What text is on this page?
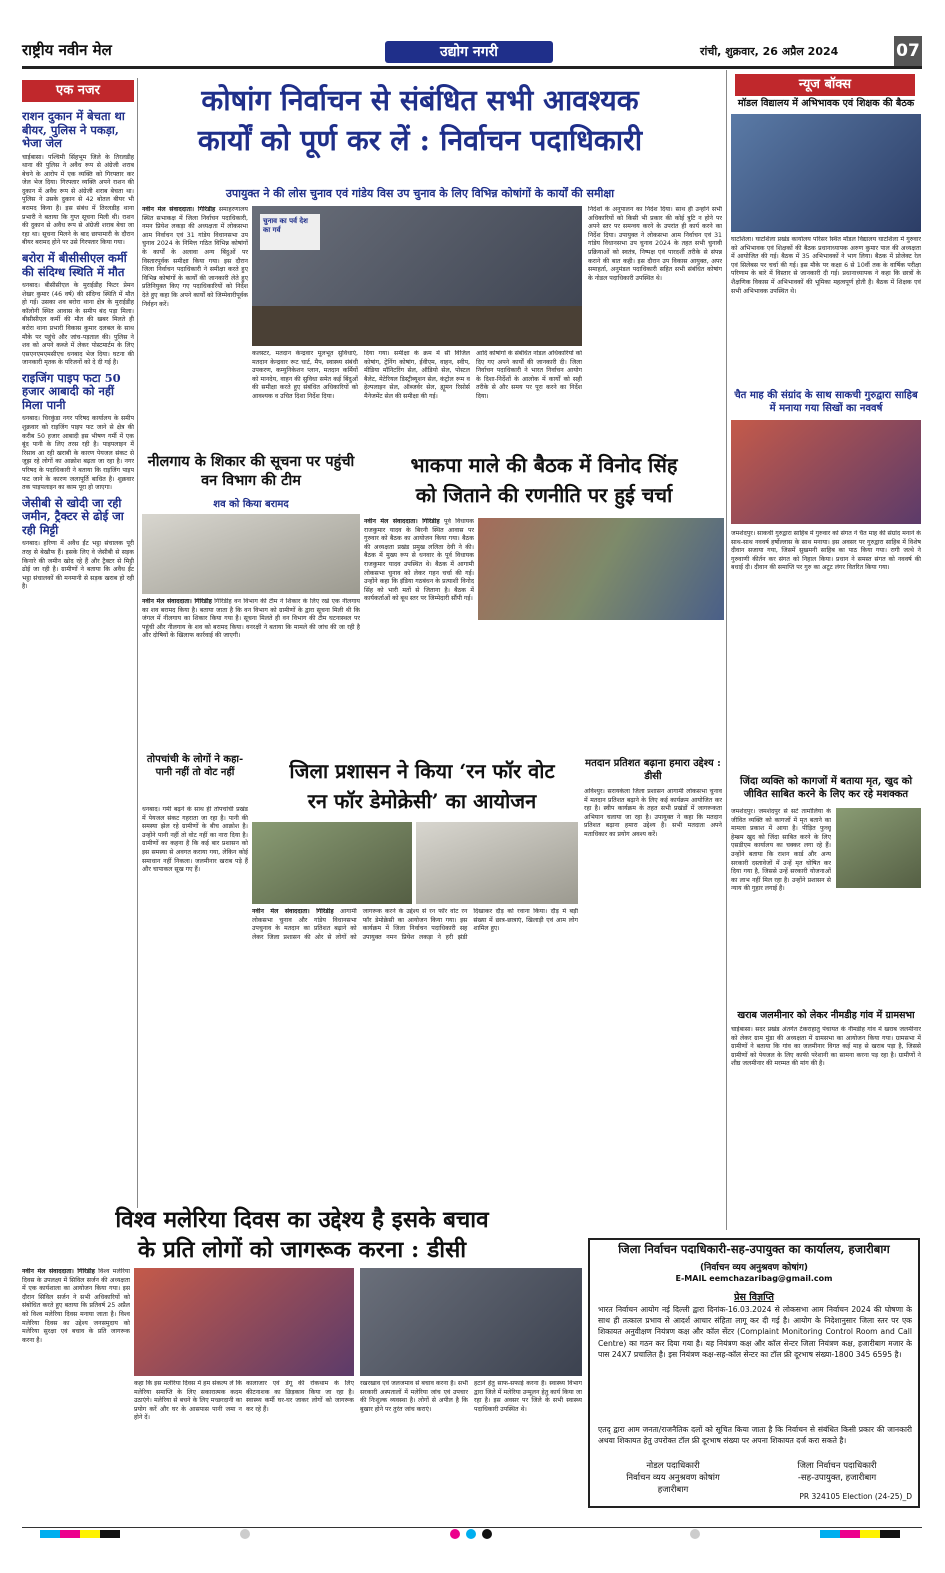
राष्ट्रीय नवीन मेल	उद्योग नगरी	रांची, शुक्रवार, 26 अप्रैल 2024	07
एक नजर
राशन दुकान में बेचता था बीयर, पुलिस ने पकड़ा, भेजा जेल

चाईबासा। पश्चिमी सिंहभूम जिले के तिरलडीह थाना की पुलिस ने अवैध रूप से अंग्रेजी शराब बेचने के आरोप में एक व्यक्ति को गिरफ्तार कर जेल भेज दिया। गिरफ्तार व्यक्ति अपने राशन की दुकान में अवैध रूप से अंग्रेजी शराब बेचता था। पुलिस ने उसके दुकान से 42 बोतल बीयर भी बरामद किया है। इस संबंध में तिरलडीह थाना प्रभारी ने बताया कि गुप्त सूचना मिली थी। राशन की दुकान से अवैध रूप से अंग्रेजी शराब बेचा जा रहा था। सूचना मिलने के बाद छापामारी के दौरान बीयर बरामद होने पर उसे गिरफ्तार किया गया।

बरोरा में बीसीसीएल कर्मी की संदिग्ध स्थिति में मौत

धनबाद। बीसीसीएल के मुराईडीह फिटर प्रेमन शेखर कुमार (46 वर्ष) की संदिग्ध स्थिति में मौत हो गई। उसका शव बरोरा थाना क्षेत्र के मुराईडीह कॉलोनी स्थित आवास के समीप बंद पड़ा मिला। बीसीसीएल कर्मी की मौत की खबर मिलते ही बरोरा थाना प्रभारी विकास कुमार दलबल के साथ मौके पर पहुंचे और जांच-पड़ताल की। पुलिस ने शव को अपने कब्जे में लेकर पोस्टमार्टम के लिए एसएनएमएमसीएच धनबाद भेज दिया। घटना की जानकारी मृतक के परिजनों को दे दी गई है।

राइजिंग पाइप फटा 50 हजार आबादी को नहीं मिला पानी

धनबाद। चिरकुंडा नगर परिषद कार्यालय के समीप शुक्रवार को राइजिंग पाइप फट जाने से क्षेत्र की करीब 50 हजार आबादी इस भीषण गर्मी में एक बूंद पानी के लिए तरस रही है। पाइपलाइन में रिसाव आ रही खराबी के कारण पेयजल संकट से जूझ रहे लोगों का आक्रोश बढ़ता जा रहा है। नगर परिषद के पदाधिकारी ने बताया कि राइजिंग पाइप फट जाने के कारण जलापूर्ति बाधित है। शुक्रवार तक पाइपलाइन का काम पूरा हो जाएगा।

जेसीबी से खोदी जा रही जमीन, ट्रैक्टर से ढोई जा रही मिट्टी

धनबाद। हरिणा में अवैध ईंट भट्ठा संचालक पूरी तरह से बेखौफ हैं। इसके लिए वे जेसीबी से सड़क किनारे की जमीन खोद रहे हैं और ट्रैक्टर से मिट्टी ढोई जा रही है। ग्रामीणों ने बताया कि अवैध ईंट भट्ठा संचालकों की मनमानी से सड़क खराब हो रही है।

कोषांग निर्वाचन से संबंधित सभी आवश्यक
कार्यों को पूर्ण कर लें : निर्वाचन पदाधिकारी
उपायुक्त ने की लोस चुनाव एवं गांडेय विस उप चुनाव के लिए विभिन्न कोषांगों के कार्यों की समीक्षा
नवीन मेल संवाददाता। गिरिडीह समाहरणालय स्थित सभाकक्ष में जिला निर्वाचन पदाधिकारी, नमन प्रियेश लकड़ा की अध्यक्षता में लोकसभा आम निर्वाचन एवं 31 गांडेय विधानसभा उप चुनाव 2024 के निमित्त गठित विभिन्न कोषांगों के कार्यों के अलावा अन्य बिंदुओं पर विस्तारपूर्वक समीक्षा किया गया। इस दौरान जिला निर्वाचन पदाधिकारी ने समीक्षा करते हुए विभिन्न कोषांगों के कार्यों की जानकारी लेते हुए प्रतिनियुक्त किए गए पदाधिकारियों को निर्देश देते हुए कहा कि अपने कार्यों को जिम्मेवारीपूर्वक निर्वहन करें।
चुनाव का पर्व देश का गर्व
कलस्टर, मतदान केन्द्रवार मूलभूत सुविधाएं, मतदान केन्द्रवार रूट चार्ट, मैप, स्वास्थ्य संबंधी उपकरण, कम्युनिकेशन प्लान, मतदान कर्मियों को मानदेय, वाहन की सुविधा समेत कई बिंदुओं की समीक्षा करते हुए संबंधित अधिकारियों को आवश्यक व उचित दिशा निर्देश दिया।
दिया गया। समीक्षा के क्रम में सी विजिल कोषांग, ट्रेनिंग कोषांग, ईवीएम, वाहन, स्वीप, मीडिया मॉनिटरिंग सेल, ऑडियो सेल, पोस्टल बैलेट, मेटेरियल डिस्ट्रीब्यूशन सेल, कंट्रोल रूम व हेल्पलाइन सेल, ऑब्जर्वर सेल, ह्यूमन रिसोर्स मैनेजमेंट सेल की समीक्षा की गई।
आदि कोषांगों के संबंधित नोडल अधिकारियों को दिए गए अपने कार्यों की जानकारी दी। जिला निर्वाचन पदाधिकारी ने भारत निर्वाचन आयोग के दिशा-निर्देशों के आलोक में कार्यों को सही तरीके से और समय पर पूरा करने का निर्देश दिया।
निर्देशों के अनुपालन का निर्देश दिया। साथ ही उन्होंने सभी अधिकारियों को किसी भी प्रकार की कोई त्रुटि न होने पर अपने स्तर पर समन्वय करने के उपरांत ही कार्य करने का निर्देश दिया। उपायुक्त ने लोकसभा आम निर्वाचन एवं 31 गांडेय विधानसभा उप चुनाव 2024 के तहत सभी चुनावी प्रक्रियाओं को स्वतंत्र, निष्पक्ष एवं पारदर्शी तरीके से संपन्न कराने की बात कही। इस दौरान उप विकास आयुक्त, अपर समाहर्ता, अनुमंडल पदाधिकारी सहित सभी संबंधित कोषांग के नोडल पदाधिकारी उपस्थित थे।
न्यूज बॉक्स
मॉडल विद्यालय में अभिभावक एवं शिक्षक की बैठक
घाटशिला। घाटशिला प्रखंड कार्यालय परिसर स्थित मॉडल विद्यालय घाटशिला में गुरुवार को अभिभावक एवं शिक्षकों की बैठक प्रधानाध्यापक अरुण कुमार पाल की अध्यक्षता में आयोजित की गई। बैठक में 35 अभिभावकों ने भाग लिया। बैठक में प्रोजेक्ट रेल एवं सिलेबस पर चर्चा की गई। इस मौके पर कक्षा 6 से 10वीं तक के वार्षिक परीक्षा परिणाम के बारे में विस्तार से जानकारी दी गई। प्रधानाध्यापक ने कहा कि छात्रों के शैक्षणिक विकास में अभिभावकों की भूमिका महत्वपूर्ण होती है। बैठक में शिक्षक एवं सभी अभिभावक उपस्थित थे।
चैत माह की संग्रांद के साथ साकची गुरुद्वारा साहिब में मनाया गया सिखों का नववर्ष
जमशेदपुर। साकची गुरुद्वारा साहिब में गुरुवार को संगत ने चैत माह की संग्रांद मनाने के साथ-साथ नववर्ष हर्षोल्लास के साथ मनाया। इस अवसर पर गुरुद्वारा साहिब में विशेष दीवान सजाया गया, जिसमें सुखमनी साहिब का पाठ किया गया। रागी जत्थे ने गुरुवाणी कीर्तन कर संगत को निहाल किया। प्रधान ने समस्त संगत को नववर्ष की बधाई दी। दीवान की समाप्ति पर गुरु का अटूट लंगर वितरित किया गया।
जिंदा व्यक्ति को कागजों में बताया मृत, खुद को जीवित साबित करने के लिए कर रहे मशक्कत
जमशेदपुर। जमशेदपुर से सटे तामोलिया के जीवित व्यक्ति को कागजों में मृत बताने का मामला प्रकाश में आया है। पीड़ित फुच्चू हेम्ब्रम खुद को जिंदा साबित करने के लिए एसडीएम कार्यालय का चक्कर लगा रहे हैं। उन्होंने बताया कि राशन कार्ड और अन्य सरकारी दस्तावेजों में उन्हें मृत घोषित कर दिया गया है, जिससे उन्हें सरकारी योजनाओं का लाभ नहीं मिल रहा है। उन्होंने प्रशासन से न्याय की गुहार लगाई है।
खराब जलमीनार को लेकर नीमडीह गांव में ग्रामसभा
चाईबासा। सदर प्रखंड अंतर्गत टेकराहातु पंचायत के नीमडीह गांव में खराब जलमीनार को लेकर ग्राम मुंडा की अध्यक्षता में ग्रामसभा का आयोजन किया गया। ग्रामसभा में ग्रामीणों ने बताया कि गांव का जलमीनार विगत कई माह से खराब पड़ा है, जिससे ग्रामीणों को पेयजल के लिए काफी परेशानी का सामना करना पड़ रहा है। ग्रामीणों ने शीघ्र जलमीनार की मरम्मत की मांग की है।
नीलगाय के शिकार की सूचना पर पहुंची वन विभाग की टीम
शव को किया बरामद
नवीन मेल संवाददाता। गिरिडीह गिरिडीह वन विभाग की टीम ने शिकार के लिए रखे एक नीलगाय का शव बरामद किया है। बताया जाता है कि वन विभाग को ग्रामीणों के द्वारा सूचना मिली थी कि जंगल में नीलगाय का शिकार किया गया है। सूचना मिलते ही वन विभाग की टीम घटनास्थल पर पहुंची और नीलगाय के शव को बरामद किया। वनरक्षी ने बताया कि मामले की जांच की जा रही है और दोषियों के खिलाफ कार्रवाई की जाएगी।
भाकपा माले की बैठक में विनोद सिंह
को जिताने की रणनीति पर हुई चर्चा
नवीन मेल संवाददाता। गिरिडीह पूर्व विधायक राजकुमार यादव के बिरनी स्थित आवास पर गुरुवार को बैठक का आयोजन किया गया। बैठक की अध्यक्षता प्रखंड प्रमुख ललिता देवी ने की। बैठक में मुख्य रूप से धनवार के पूर्व विधायक राजकुमार यादव उपस्थित थे। बैठक में आगामी लोकसभा चुनाव को लेकर गहन चर्चा की गई। उन्होंने कहा कि इंडिया गठबंधन के प्रत्याशी विनोद सिंह को भारी मतों से जिताना है। बैठक में कार्यकर्ताओं को बूथ स्तर पर जिम्मेदारी सौंपी गई।
तोपचांची के लोगों ने कहा- पानी नहीं तो वोट नहीं
धनबाद। गर्मी बढ़ने के साथ ही तोपचांची प्रखंड में पेयजल संकट गहराता जा रहा है। पानी की समस्या झेल रहे ग्रामीणों के बीच आक्रोश है। उन्होंने पानी नहीं तो वोट नहीं का नारा दिया है। ग्रामीणों का कहना है कि कई बार प्रशासन को इस समस्या से अवगत कराया गया, लेकिन कोई समाधान नहीं निकला। जलमीनार खराब पड़े हैं और चापाकल सूख गए हैं।
जिला प्रशासन ने किया ‘रन फॉर वोट
रन फॉर डेमोक्रेसी’ का आयोजन
नवीन मेल संवाददाता। गिरिडीह आगामी लोकसभा चुनाव और गांडेय विधानसभा उपचुनाव के मतदान का प्रतिशत बढ़ाने को लेकर जिला प्रशासन की ओर से लोगों को जागरूक करने के उद्देश्य से रन फॉर वोट रन फॉर डेमोक्रेसी का आयोजन किया गया। इस कार्यक्रम में जिला निर्वाचन पदाधिकारी सह उपायुक्त नमन प्रियेश लकड़ा ने हरी झंडी दिखाकर दौड़ को रवाना किया। दौड़ में बड़ी संख्या में छात्र-छात्राएं, खिलाड़ी एवं आम लोग शामिल हुए।
मतदान प्रतिशत बढ़ाना हमारा उद्देश्य : डीसी
अविश्युर। सरायकेला जिला प्रशासन आगामी लोकसभा चुनाव में मतदान प्रतिशत बढ़ाने के लिए कई कार्यक्रम आयोजित कर रहा है। स्वीप कार्यक्रम के तहत सभी प्रखंडों में जागरूकता अभियान चलाया जा रहा है। उपायुक्त ने कहा कि मतदान प्रतिशत बढ़ाना हमारा उद्देश्य है। सभी मतदाता अपने मताधिकार का प्रयोग अवश्य करें।
विश्व मलेरिया दिवस का उद्देश्य है इसके बचाव
के प्रति लोगों को जागरूक करना : डीसी
नवीन मेल संवाददाता। गिरिडीह विश्व मलेरिया दिवस के उपलक्ष्य में सिविल सर्जन की अध्यक्षता में एक कार्यशाला का आयोजन किया गया। इस दौरान सिविल सर्जन ने सभी अधिकारियों को संबोधित करते हुए बताया कि प्रतिवर्ष 25 अप्रैल को विश्व मलेरिया दिवस मनाया जाता है। विश्व मलेरिया दिवस का उद्देश्य जनसमुदाय को मलेरिया सुरक्षा एवं बचाव के प्रति जागरूक करना है।
कहा कि इस मलेरिया दिवस में हम संकल्प लें कि मलेरिया समाप्ति के लिए सकारात्मक कदम उठाएंगे। मलेरिया से बचने के लिए मच्छरदानी का प्रयोग करें और घर के आसपास पानी जमा न होने दें।
कालाजार एवं डेंगू की रोकथाम के लिए कीटनाशक का छिड़काव किया जा रहा है। स्वास्थ्य कर्मी घर-घर जाकर लोगों को जागरूक कर रहे हैं।
रखरखाव एवं जलजमाव से बचाव करना है। सभी सरकारी अस्पतालों में मलेरिया जांच एवं उपचार की निःशुल्क व्यवस्था है। लोगों से अपील है कि बुखार होने पर तुरंत जांच कराएं।
हटाने हेतु साफ-सफाई करना है। स्वास्थ्य विभाग द्वारा जिले में मलेरिया उन्मूलन हेतु कार्य किया जा रहा है। इस अवसर पर जिले के सभी स्वास्थ्य पदाधिकारी उपस्थित थे।
जिला निर्वाचन पदाधिकारी-सह-उपायुक्त का कार्यालय, हजारीबाग
(निर्वाचन व्यय अनुश्रवण कोषांग)
E-MAIL eemchazaribag@gmail.com
प्रेस विज्ञप्ति
भारत निर्वाचन आयोग नई दिल्ली द्वारा दिनांक-16.03.2024 से लोकसभा आम निर्वाचन 2024 की घोषणा के साथ ही तत्काल प्रभाव से आदर्श आचार संहिता लागू कर दी गई है। आयोग के निदेशानुसार जिला स्तर पर एक शिकायत अनुवीक्षण नियंत्रण कक्ष और कॉल सेंटर (Complaint Monitoring Control Room and Call Centre) का गठन कर दिया गया है। यह नियंत्रण कक्ष और कॉल सेन्टर जिला नियंत्रण कक्ष, हजारीबाग मजार के पास 24X7 प्रचालित है। इस नियंत्रण कक्ष-सह-कॉल सेन्टर का टॉल फ्री दूरभाष संख्या-1800 345 6595 है।
एतद् द्वारा आम जनता/राजनैतिक दलों को सूचित किया जाता है कि निर्वाचन से संबंधित किसी प्रकार की जानकारी अथवा शिकायत हेतु उपरोक्त टॉल फ्री दूरभाष संख्या पर अपना शिकायत दर्ज करा सकते है।
नोडल पदाधिकारी
निर्वाचन व्यय अनुश्रवण कोषांग
हजारीबाग
जिला निर्वाचन पदाधिकारी
-सह-उपायुक्त, हजारीबाग
PR 324105 Election (24-25)_D
